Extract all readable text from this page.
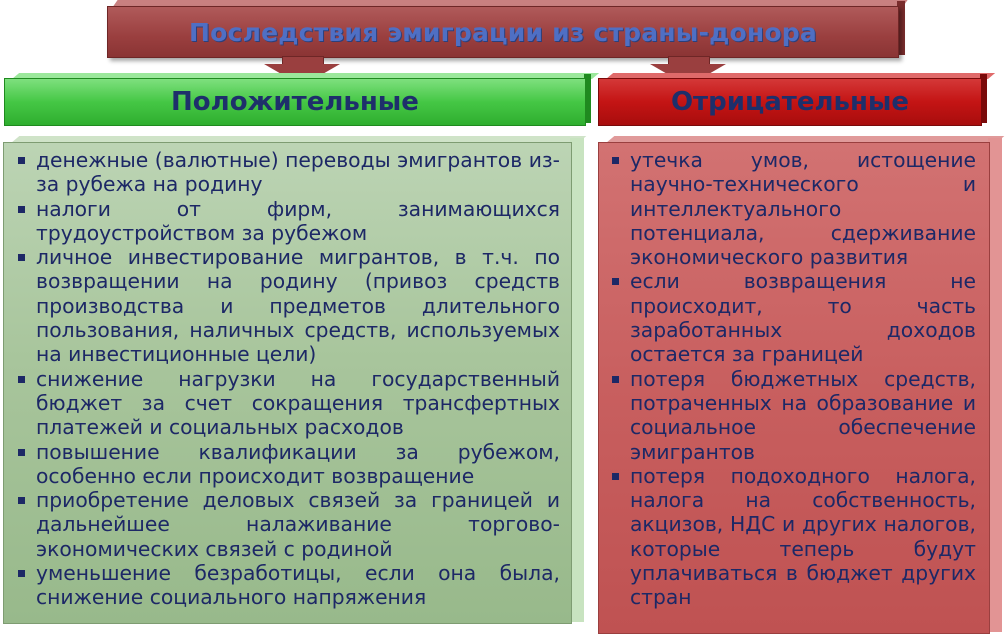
Последствия эмиграции из страны-донора
Положительные	Отрицательные
денежные (валютные) переводы эмигрантов из-за рубежа на родину
налоги от фирм, занимающихся трудоустройством за рубежом
личное инвестирование мигрантов, в т.ч. по возвращении на родину (привоз средств производства и предметов длительного пользования, наличных средств, используемых на инвестиционные цели)
снижение нагрузки на государственный бюджет за счет сокращения трансфертных платежей и социальных расходов
повышение квалификации за рубежом, особенно если происходит возвращение
приобретение деловых связей за границей и дальнейшее налаживание торгово-экономических связей с родиной
уменьшение безработицы, если она была, снижение социального напряжения
утечка умов, истощение научно-технического и интеллектуального потенциала, сдерживание экономического развития
если возвращения не происходит, то часть заработанных доходов остается за границей
потеря бюджетных средств, потраченных на образование и социальное обеспечение эмигрантов
потеря подоходного налога, налога на собственность, акцизов, НДС и других налогов, которые теперь будут уплачиваться в бюджет других стран
